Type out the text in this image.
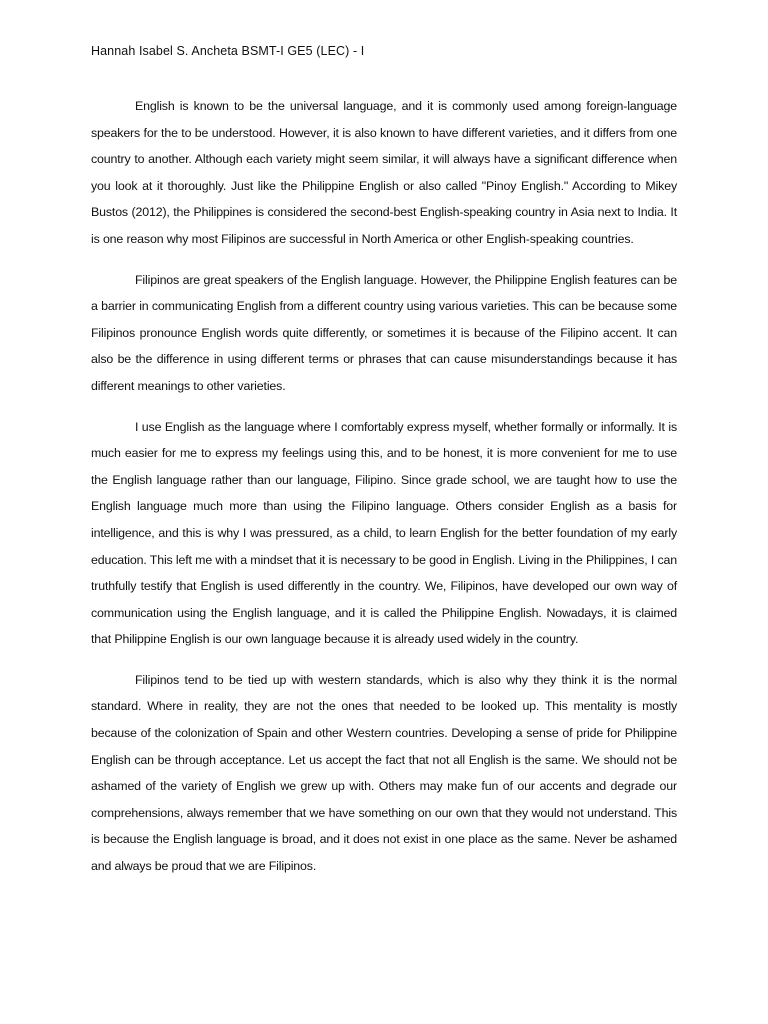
Hannah Isabel S. Ancheta BSMT-I GE5 (LEC) - I

English is known to be the universal language, and it is commonly used among foreign-language speakers for the to be understood. However, it is also known to have different varieties, and it differs from one country to another. Although each variety might seem similar, it will always have a significant difference when you look at it thoroughly. Just like the Philippine English or also called "Pinoy English." According to Mikey Bustos (2012), the Philippines is considered the second-best English-speaking country in Asia next to India. It is one reason why most Filipinos are successful in North America or other English-speaking countries.

Filipinos are great speakers of the English language. However, the Philippine English features can be a barrier in communicating English from a different country using various varieties. This can be because some Filipinos pronounce English words quite differently, or sometimes it is because of the Filipino accent. It can also be the difference in using different terms or phrases that can cause misunderstandings because it has different meanings to other varieties.

I use English as the language where I comfortably express myself, whether formally or informally. It is much easier for me to express my feelings using this, and to be honest, it is more convenient for me to use the English language rather than our language, Filipino. Since grade school, we are taught how to use the English language much more than using the Filipino language. Others consider English as a basis for intelligence, and this is why I was pressured, as a child, to learn English for the better foundation of my early education. This left me with a mindset that it is necessary to be good in English. Living in the Philippines, I can truthfully testify that English is used differently in the country. We, Filipinos, have developed our own way of communication using the English language, and it is called the Philippine English. Nowadays, it is claimed that Philippine English is our own language because it is already used widely in the country.

Filipinos tend to be tied up with western standards, which is also why they think it is the normal standard. Where in reality, they are not the ones that needed to be looked up. This mentality is mostly because of the colonization of Spain and other Western countries. Developing a sense of pride for Philippine English can be through acceptance. Let us accept the fact that not all English is the same. We should not be ashamed of the variety of English we grew up with. Others may make fun of our accents and degrade our comprehensions, always remember that we have something on our own that they would not understand. This is because the English language is broad, and it does not exist in one place as the same. Never be ashamed and always be proud that we are Filipinos.
